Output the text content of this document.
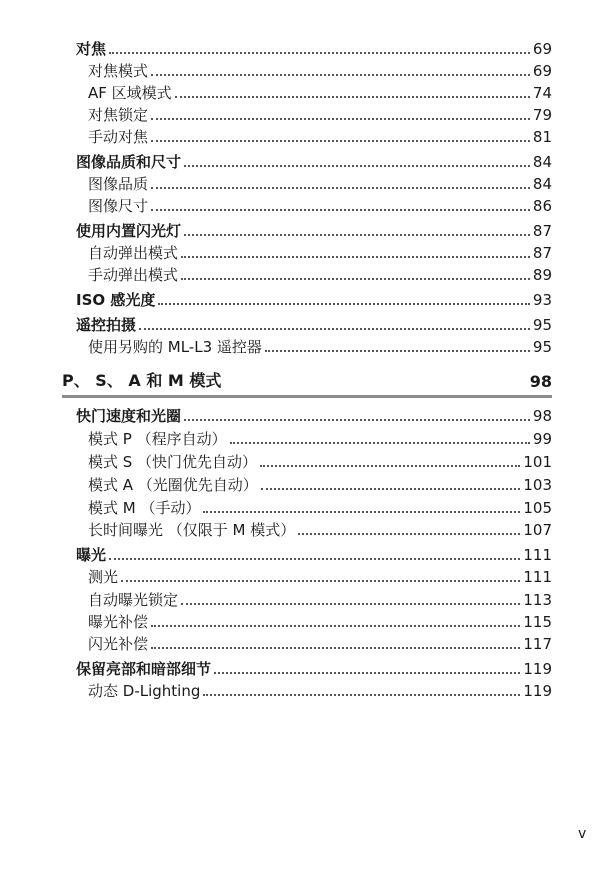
对焦	69
对焦模式	69
AF 区域模式	74
对焦锁定	79
手动对焦	81
图像品质和尺寸	84
图像品质	84
图像尺寸	86
使用内置闪光灯	87
自动弹出模式	87
手动弹出模式	89
ISO 感光度	93
遥控拍摄	95
使用另购的 ML-L3 遥控器	95
P、 S、 A 和 M 模式	98
快门速度和光圈	98
模式 P （程序自动）	99
模式 S （快门优先自动）	101
模式 A （光圈优先自动）	103
模式 M （手动）	105
长时间曝光 （仅限于 M 模式）	107
曝光	111
测光	111
自动曝光锁定	113
曝光补偿	115
闪光补偿	117
保留亮部和暗部细节	119
动态 D-Lighting	119
v
